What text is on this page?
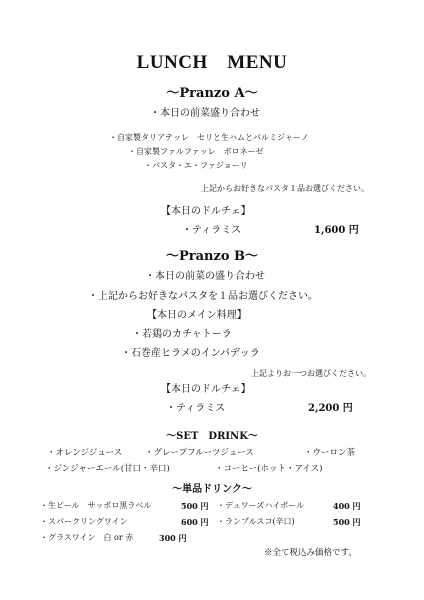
LUNCH　MENU
～Pranzo A～
・本日の前菜盛り合わせ
・自家製タリアテッレ　セリと生ハムとパルミジャーノ
・自家製ファルファッレ　ボロネーゼ
・パスタ・エ・ファジョーリ
上記からお好きなパスタ１品お選びください。
【本日のドルチェ】
・ティラミス	1,600 円
～Pranzo B～
・本日の前菜の盛り合わせ
・上記からお好きなパスタを１品お選びください。
【本日のメイン料理】
・若鶏のカチャトーラ
・石巻産ヒラメのインパデッラ
上記よりお一つお選びください。
【本日のドルチェ】
・ティラミス	2,200 円
～SET　DRINK～
・オレンジジュース	・グレープフルーツジュース	・ウーロン茶
・ジンジャーエール(甘口・辛口)	・コーヒー(ホット・アイス)
～単品ドリンク～
・生ビール　サッポロ黒ラベル	500 円 ・デュワーズハイボール	400 円
・スパークリングワイン	600 円 ・ランブルスコ(辛口)	500 円
・グラスワイン　白 or 赤	300 円
※全て税込み価格です。
